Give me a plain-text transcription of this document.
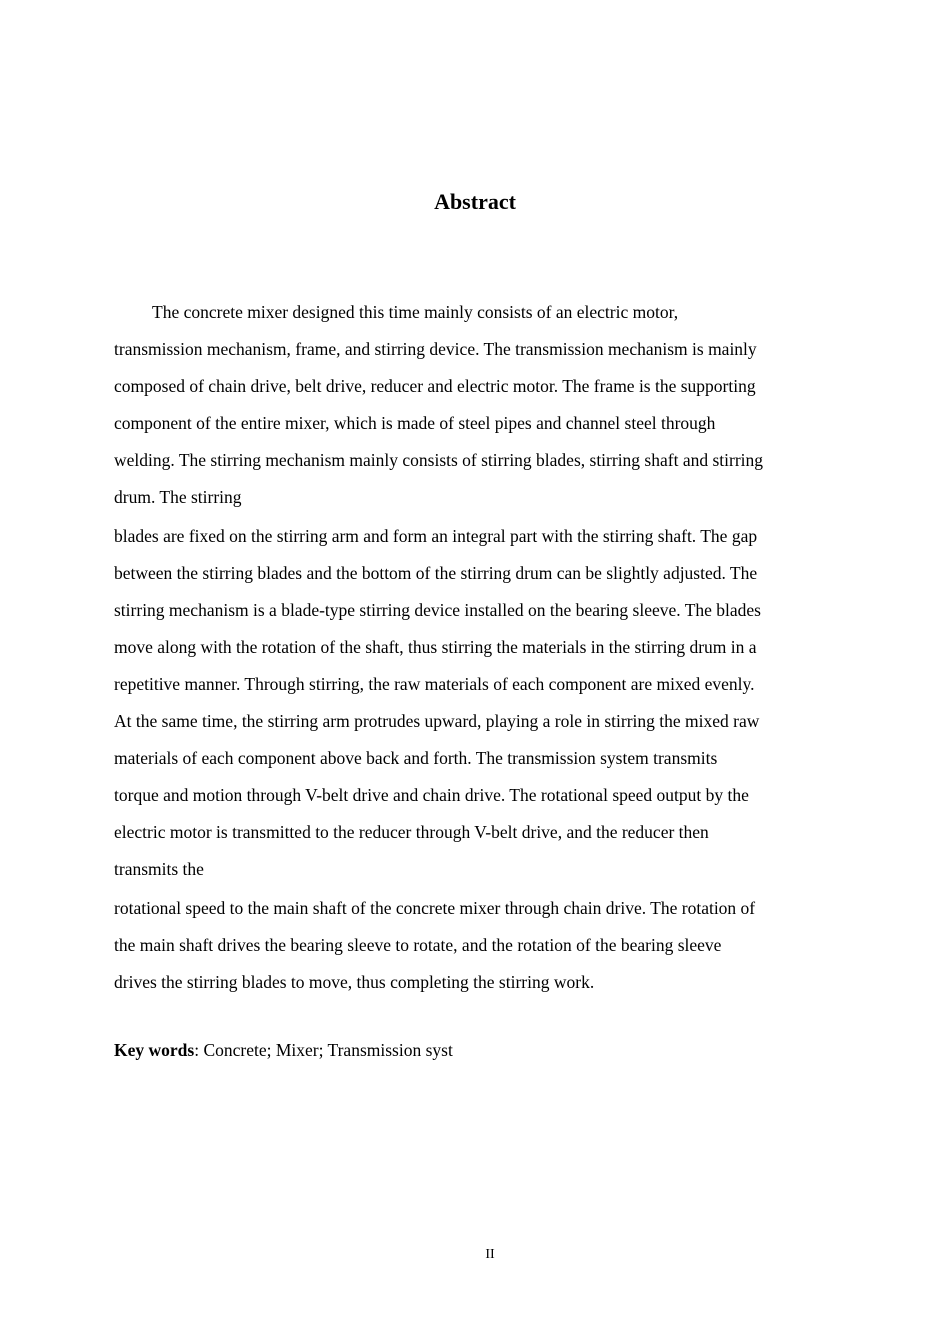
Abstract
The concrete mixer designed this time mainly consists of an electric motor,
transmission mechanism, frame, and stirring device. The transmission mechanism is mainly
composed of chain drive, belt drive, reducer and electric motor. The frame is the supporting
component of the entire mixer, which is made of steel pipes and channel steel through
welding. The stirring mechanism mainly consists of stirring blades, stirring shaft and stirring
drum. The stirring
blades are fixed on the stirring arm and form an integral part with the stirring shaft. The gap
between the stirring blades and the bottom of the stirring drum can be slightly adjusted. The
stirring mechanism is a blade-type stirring device installed on the bearing sleeve. The blades
move along with the rotation of the shaft, thus stirring the materials in the stirring drum in a
repetitive manner. Through stirring, the raw materials of each component are mixed evenly.
At the same time, the stirring arm protrudes upward, playing a role in stirring the mixed raw
materials of each component above back and forth. The transmission system transmits
torque and motion through V-belt drive and chain drive. The rotational speed output by the
electric motor is transmitted to the reducer through V-belt drive, and the reducer then
transmits the
rotational speed to the main shaft of the concrete mixer through chain drive. The rotation of
the main shaft drives the bearing sleeve to rotate, and the rotation of the bearing sleeve
drives the stirring blades to move, thus completing the stirring work.
Key words: Concrete; Mixer; Transmission syst
II
